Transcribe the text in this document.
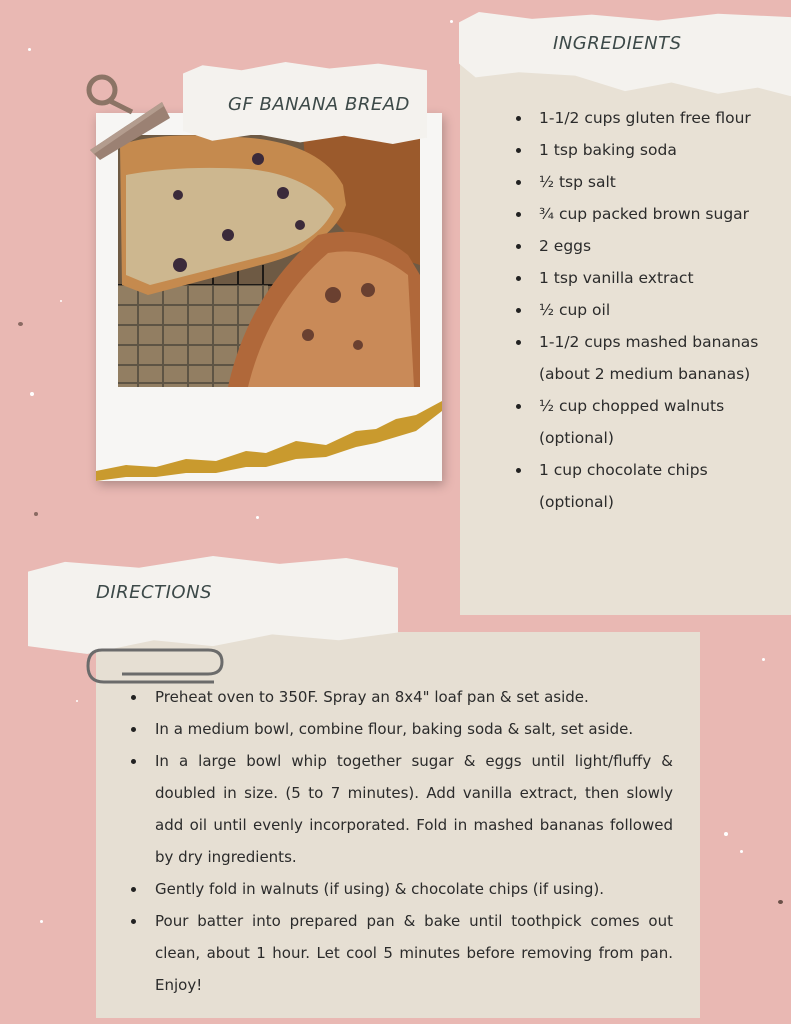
INGREDIENTS
1-1/2 cups gluten free flour
1 tsp baking soda
½ tsp salt
¾ cup packed brown sugar
2 eggs
1 tsp vanilla extract
½ cup oil
1-1/2 cups mashed bananas (about 2 medium bananas)
½ cup chopped walnuts (optional)
1 cup chocolate chips (optional)
GF BANANA BREAD
DIRECTIONS
Preheat oven to 350F. Spray an 8x4" loaf pan & set aside.
In a medium bowl, combine flour, baking soda & salt, set aside.
In a large bowl whip together sugar & eggs until light/fluffy & doubled in size. (5 to 7 minutes). Add vanilla extract, then slowly add oil until evenly incorporated. Fold in mashed bananas followed by dry ingredients.
Gently fold in walnuts (if using) & chocolate chips (if using).
Pour batter into prepared pan & bake until toothpick comes out clean, about 1 hour. Let cool 5 minutes before removing from pan. Enjoy!
